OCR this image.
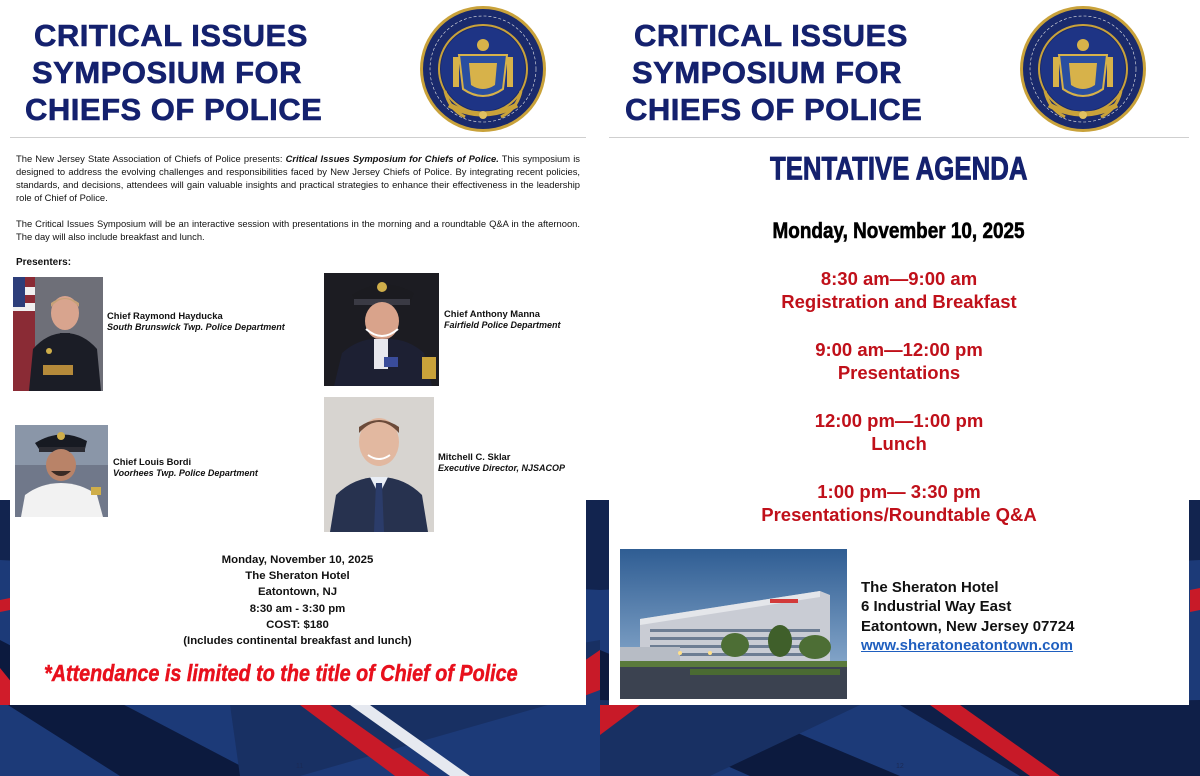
CRITICAL ISSUES
SYMPOSIUM FOR
CHIEFS OF POLICE
The New Jersey State Association of Chiefs of Police presents: Critical Issues Symposium for Chiefs of Police. This symposium is designed to address the evolving challenges and responsibilities faced by New Jersey Chiefs of Police. By integrating recent policies, standards, and decisions, attendees will gain valuable insights and practical strategies to enhance their effectiveness in the leadership role of Chief of Police.
The Critical Issues Symposium will be an interactive session with presentations in the morning and a roundtable Q&A in the afternoon. The day will also include breakfast and lunch.
Presenters:
Chief Raymond Hayducka
South Brunswick Twp. Police Department
Chief Anthony Manna
Fairfield Police Department
Chief Louis Bordi
Voorhees Twp. Police Department
Mitchell C. Sklar
Executive Director, NJSACOP
Monday, November 10, 2025
The Sheraton Hotel
Eatontown, NJ
8:30 am - 3:30 pm
COST: $180
(Includes continental breakfast and lunch)
*Attendance is limited to the title of Chief of Police
11
CRITICAL ISSUES
SYMPOSIUM FOR
CHIEFS OF POLICE
TENTATIVE AGENDA
Monday, November 10, 2025
8:30 am—9:00 am
Registration and Breakfast
9:00 am—12:00 pm
Presentations
12:00 pm—1:00 pm
Lunch
1:00 pm— 3:30 pm
Presentations/Roundtable Q&A
The Sheraton Hotel
6 Industrial Way East
Eatontown, New Jersey 07724
www.sheratoneatontown.com
12
